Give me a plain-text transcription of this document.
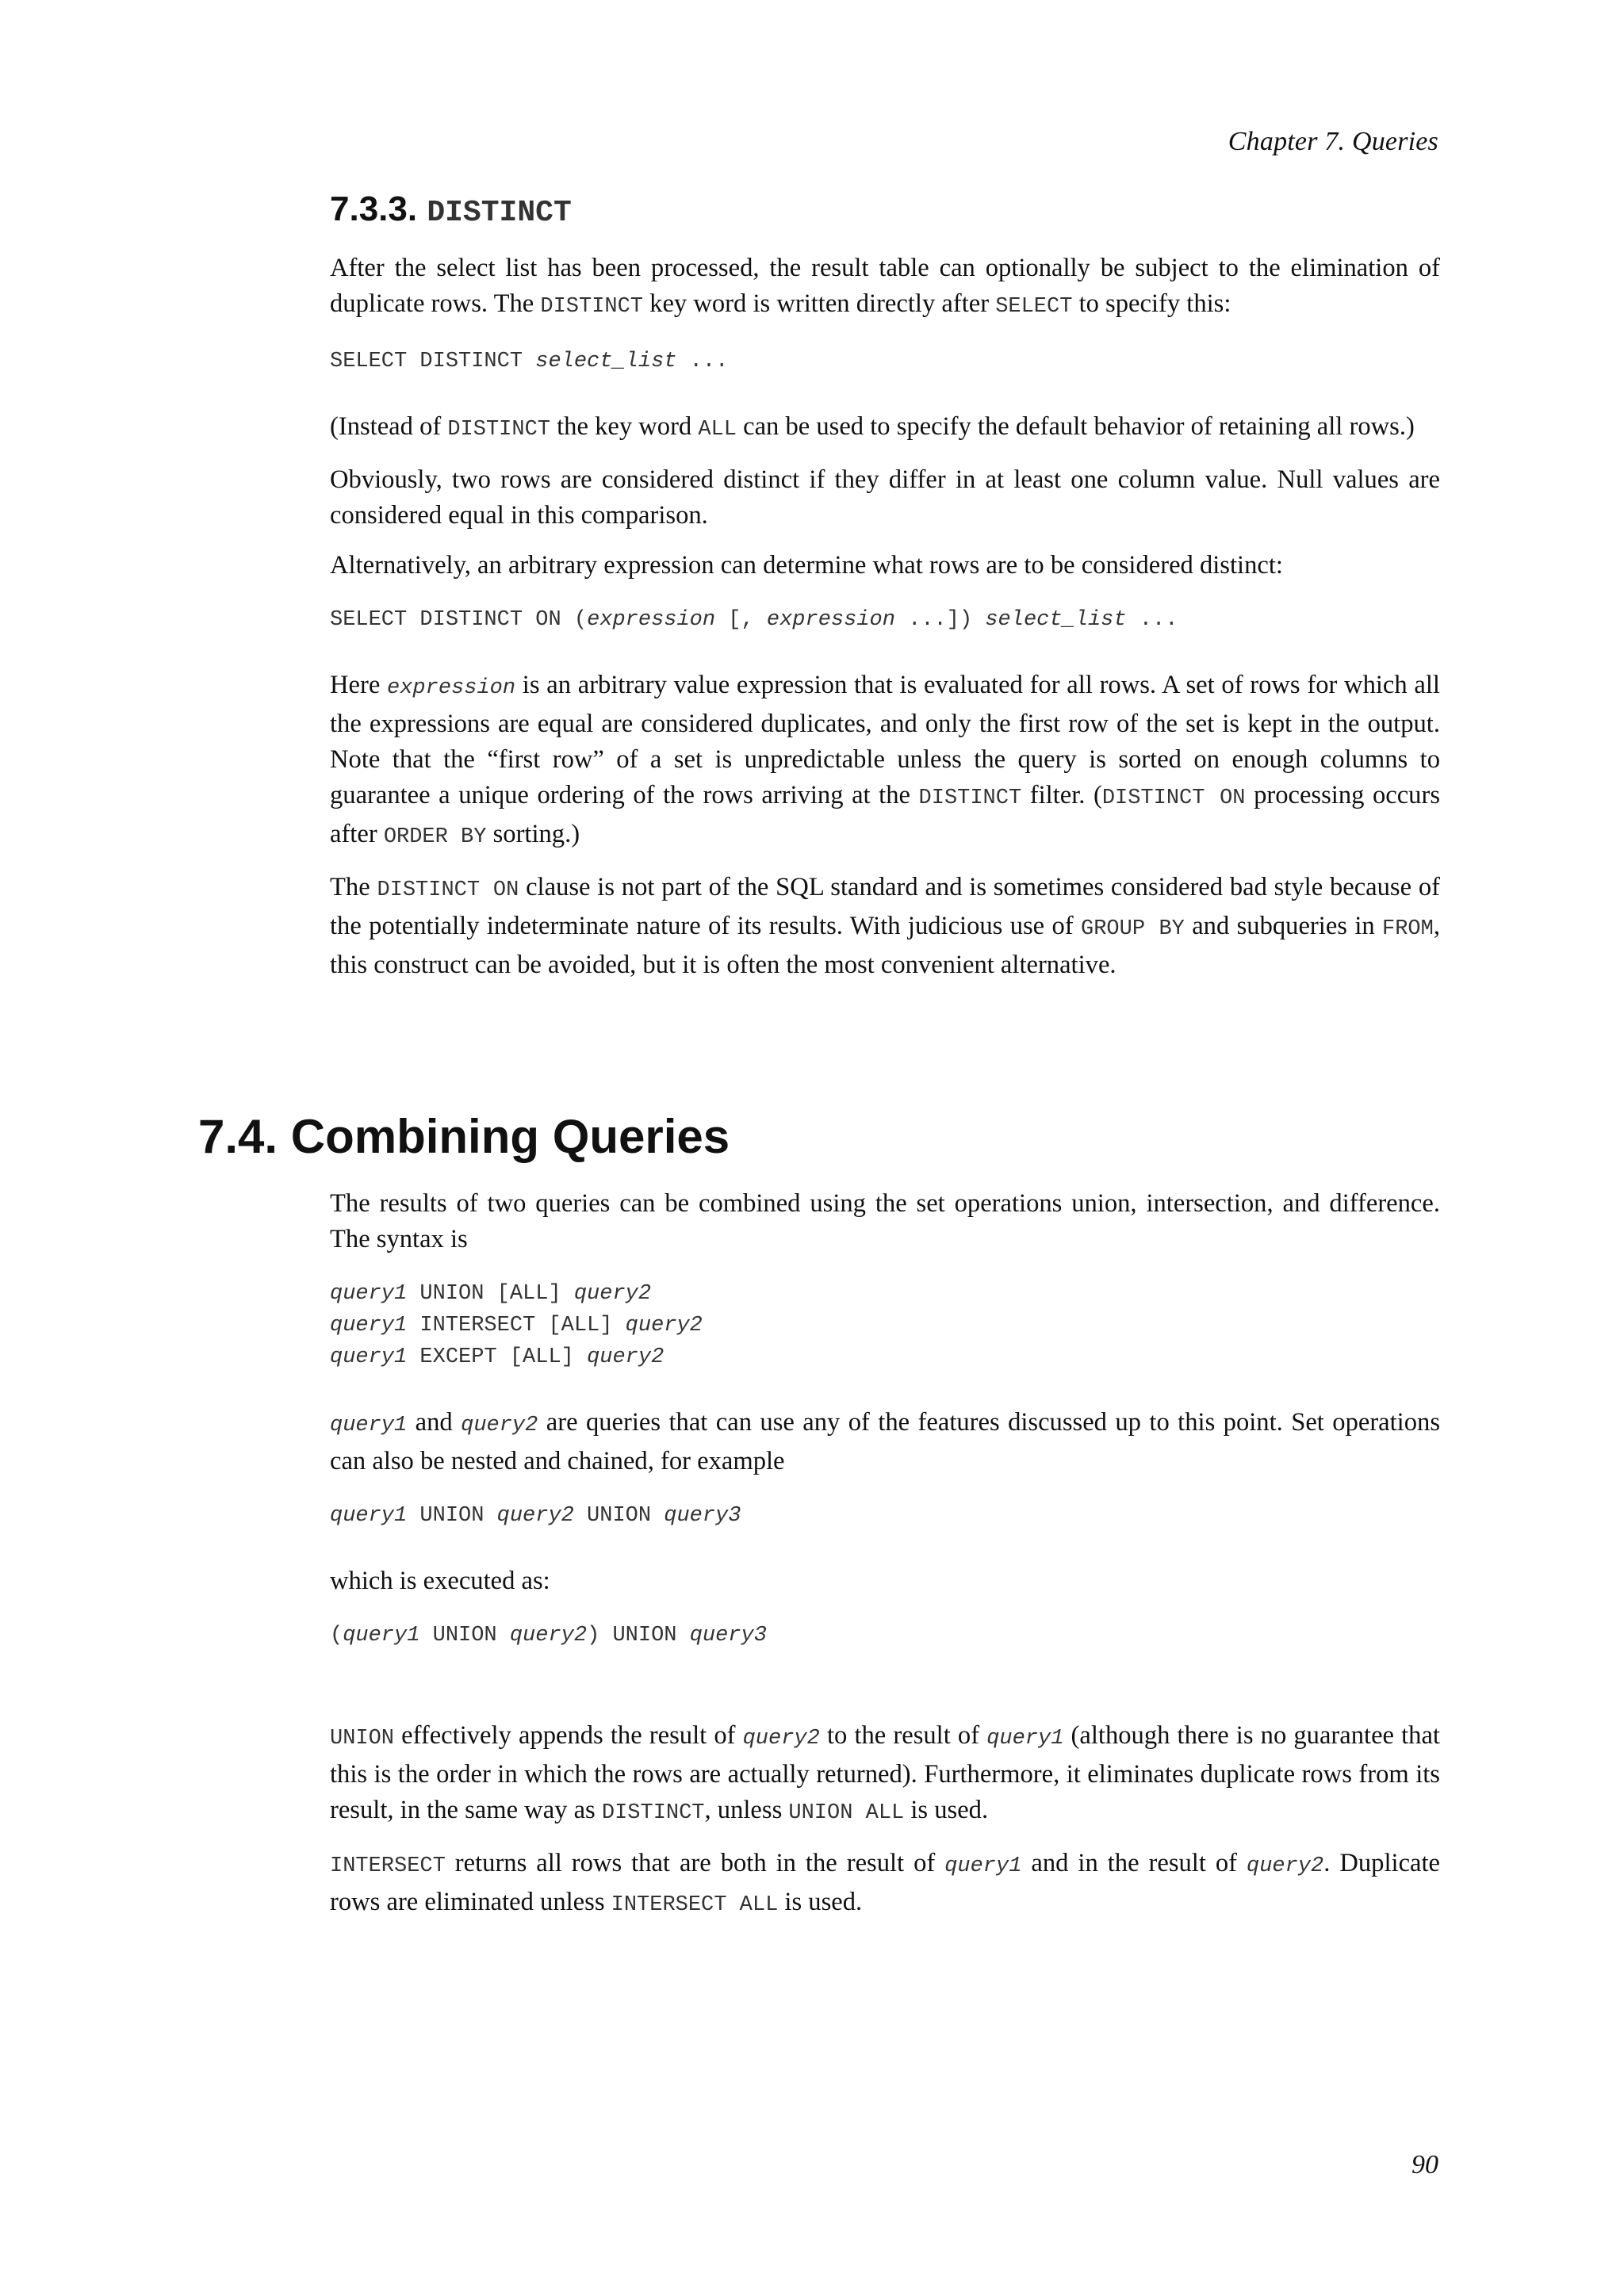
Chapter 7. Queries
7.3.3. DISTINCT

After the select list has been processed, the result table can optionally be subject to the elimination of duplicate rows. The DISTINCT key word is written directly after SELECT to specify this:

SELECT DISTINCT select_list ...

(Instead of DISTINCT the key word ALL can be used to specify the default behavior of retaining all rows.)

Obviously, two rows are considered distinct if they differ in at least one column value. Null values are considered equal in this comparison.

Alternatively, an arbitrary expression can determine what rows are to be considered distinct:

SELECT DISTINCT ON (expression [, expression ...]) select_list ...

Here expression is an arbitrary value expression that is evaluated for all rows. A set of rows for which all the expressions are equal are considered duplicates, and only the first row of the set is kept in the output. Note that the “first row” of a set is unpredictable unless the query is sorted on enough columns to guarantee a unique ordering of the rows arriving at the DISTINCT filter. (DISTINCT ON processing occurs after ORDER BY sorting.)

The DISTINCT ON clause is not part of the SQL standard and is sometimes considered bad style because of the potentially indeterminate nature of its results. With judicious use of GROUP BY and subqueries in FROM, this construct can be avoided, but it is often the most convenient alternative.

7.4. Combining Queries

The results of two queries can be combined using the set operations union, intersection, and difference. The syntax is

query1 UNION [ALL] query2
query1 INTERSECT [ALL] query2
query1 EXCEPT [ALL] query2

query1 and query2 are queries that can use any of the features discussed up to this point. Set operations can also be nested and chained, for example

query1 UNION query2 UNION query3

which is executed as:

(query1 UNION query2) UNION query3

UNION effectively appends the result of query2 to the result of query1 (although there is no guarantee that this is the order in which the rows are actually returned). Furthermore, it eliminates duplicate rows from its result, in the same way as DISTINCT, unless UNION ALL is used.

INTERSECT returns all rows that are both in the result of query1 and in the result of query2. Duplicate rows are eliminated unless INTERSECT ALL is used.

90
